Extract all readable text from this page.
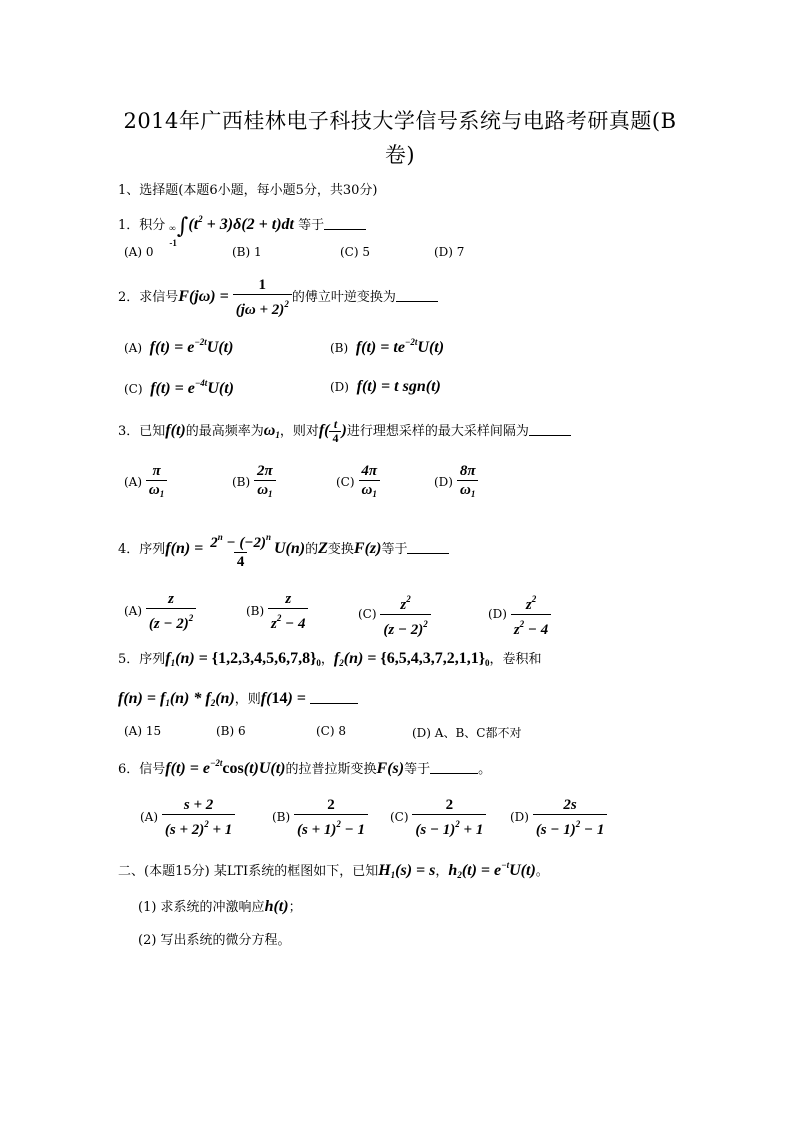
2014年广西桂林电子科技大学信号系统与电路考研真题(B
卷)
1、选择题(本题6小题，每小题5分，共30分)
1．积分 ∞
-1
$\int(t^2 + 3)\delta(2 + t)dt$ 等于
(A) 0	(B) 1	(C) 5	(D) 7
2．求信号$F(j\omega) = \frac{1}{(j\omega + 2)^2}$ 的傅立叶逆变换为
(A) $f(t) = e^{-2t}U(t)$	(B) $f(t) = te^{-2t}U(t)$
(C) $f(t) = e^{-4t}U(t)$	(D) f(t) = t sgn(t)
3．已知f(t)的最高频率为$\omega_1$，则对$f( \frac{t}{4}$ )进行理想采样的最大采样间隔为
$(A) \frac{\pi}{\omega_1}$	$(B) \frac{2\pi}{\omega_1}$	$(C) \frac{4\pi}{\omega_1}$	$(D) \frac{8\pi}{\omega_1}$
4．序列$f(n) = \frac{2^n - (-2)^n}{4} U(n)$的Z变换F(z)等于
$(A) \frac{z}{(z - 2)^2}$	$(B) \frac{z}{z^2 - 4}$	$(C) \frac{z^2}{(z - 2)^2}$	$(D) \frac{z^2}{z^2 - 4}$
5．序列$f_1(n) = \{1,2,3,4,5,6,7,8\}_0$，$f_2(n) = \{6,5,4,3,7,2,1,1\}_0$，卷积和
$f(n) = f_1(n) * f_2(n)$，则f(14) =
(A) 15	(B) 6	(C) 8	(D) A、B、C都不对
6．信号$f(t) = e^{-2t}\cos(t)U(t)$的拉普拉斯变换F(s)等于	。
$(A) \frac{s + 2}{(s + 2)^2 + 1}$	$(B) \frac{2}{(s + 1)^2 - 1} (C) \frac{2}{(s - 1)^2 + 1} (D) \frac{2s}{(s - 1)^2 - 1}$
二、(本题15分) 某LTI系统的框图如下，已知$H_1(s) = s$，$h_2(t) = e^{-t}U(t)$。
(1) 求系统的冲激响应h(t)；
(2) 写出系统的微分方程。
